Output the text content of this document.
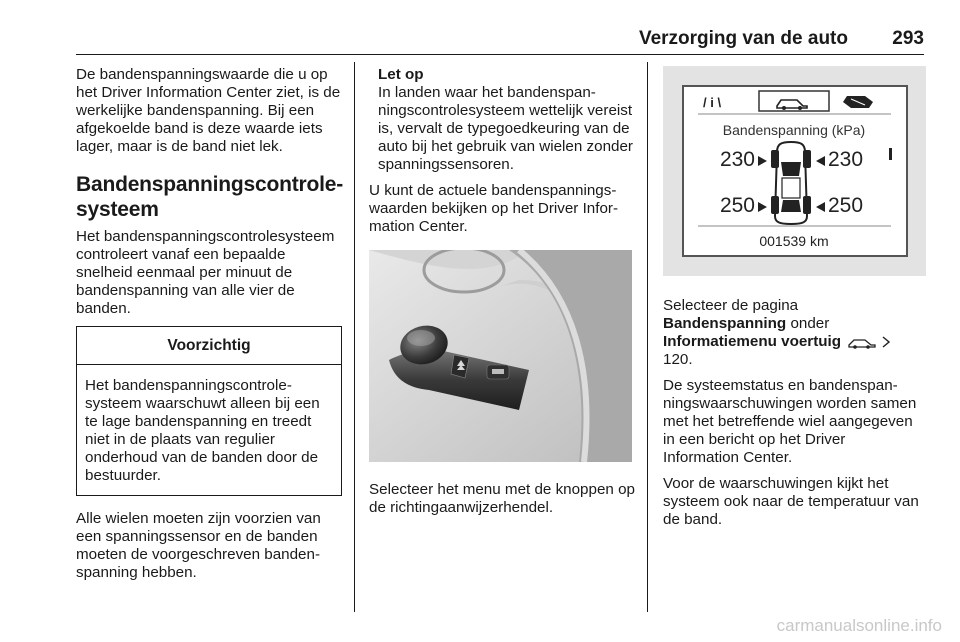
Verzorging van de auto 293

De bandenspanningswaarde die u op het Driver Information Center ziet, is de werkelijke bandenspanning. Bij een afgekoelde band is deze waarde iets lager, maar is de band niet lek.

Bandenspanningscontrolesysteem

Het bandenspanningscontrolesysteem controleert vanaf een bepaalde snelheid eenmaal per minuut de bandenspanning van alle vier de banden.

Voorzichtig
Het bandenspanningscontrolesysteem waarschuwt alleen bij een te lage bandenspanning en treedt niet in de plaats van regulier onderhoud van de banden door de bestuurder.

Alle wielen moeten zijn voorzien van een spanningssensor en de banden moeten de voorgeschreven bandenspanning hebben.

Let op
In landen waar het bandenspanningscontrolesysteem wettelijk vereist is, vervalt de typegoedkeuring van de auto bij het gebruik van wielen zonder spanningssensoren.

U kunt de actuele bandenspanningswaarden bekijken op het Driver Information Center.

Selecteer het menu met de knoppen op de richtingaanwijzerhendel.

/ i \
Bandenspanning (kPa)
230	230
250	250
001539 km

Selecteer de pagina
Bandenspanning onder
Informatiemenu voertuig  120.

De systeemstatus en bandenspanningswaarschuwingen worden samen met het betreffende wiel aangegeven in een bericht op het Driver Information Center.

Voor de waarschuwingen kijkt het systeem ook naar de temperatuur van de band.

carmanualsonline.info
